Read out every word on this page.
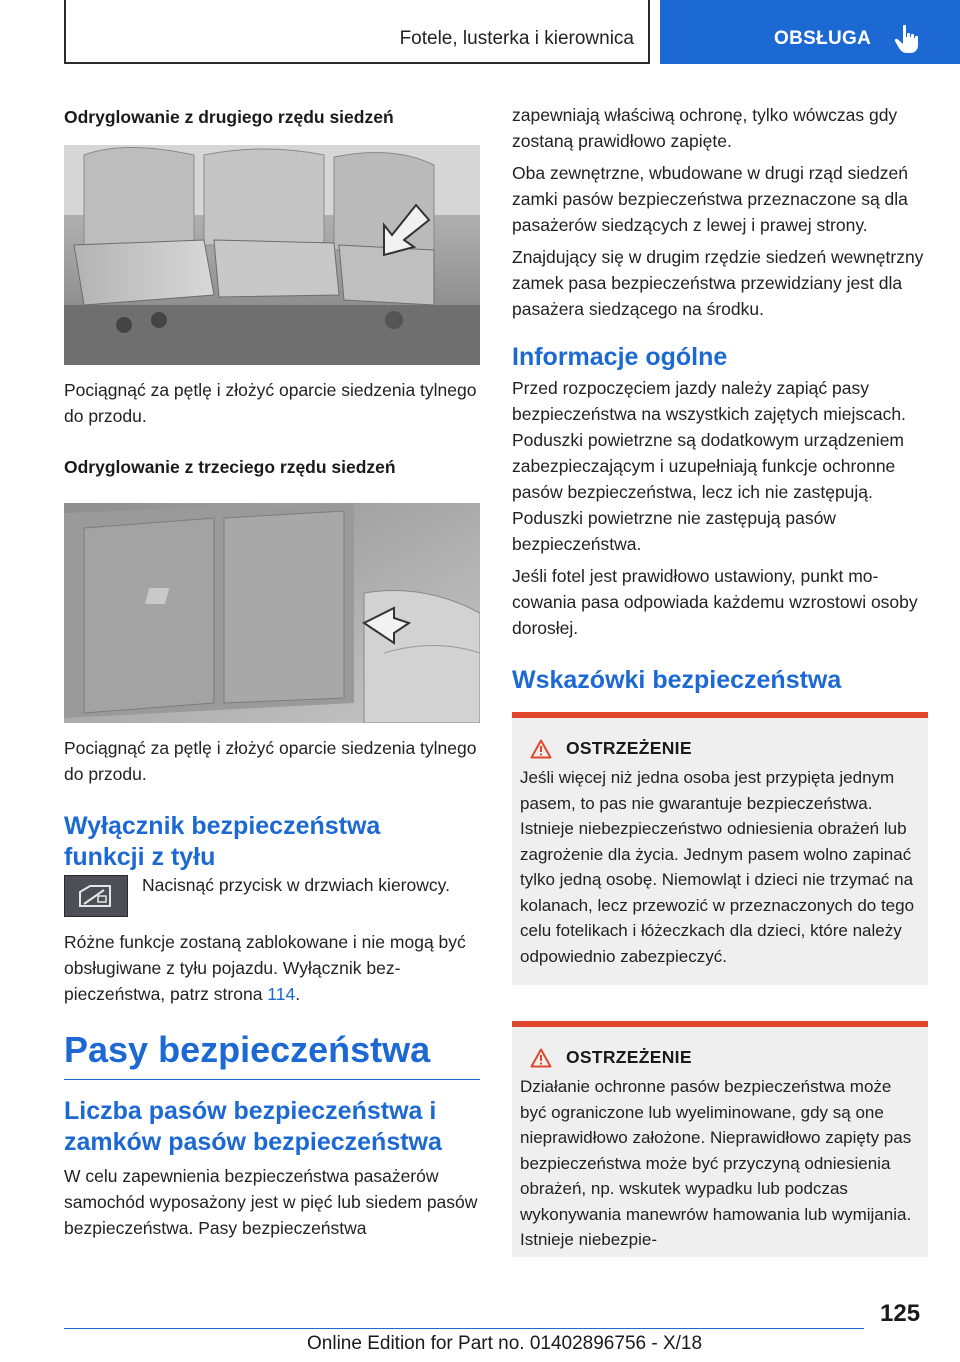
Fotele, lusterka i kierownica	OBSŁUGA
Odryglowanie z drugiego rzędu siedzeń

Pociągnąć za pętlę i złożyć oparcie siedzenia tylnego do przodu.

Odryglowanie z trzeciego rzędu siedzeń

Pociągnąć za pętlę i złożyć oparcie siedzenia tylnego do przodu.

Wyłącznik bezpieczeństwa funkcji z tyłu

Nacisnąć przycisk w drzwiach kierowcy.

Różne funkcje zostaną zablokowane i nie mogą być obsługiwane z tyłu pojazdu. Wyłącznik bezpieczeństwa, patrz strona 114.

Pasy bezpieczeństwa
Liczba pasów bezpieczeństwa i zamków pasów bezpieczeństwa

W celu zapewnienia bezpieczeństwa pasażerów samochód wyposażony jest w pięć lub siedem pasów bezpieczeństwa. Pasy bezpieczeństwa

zapewniają właściwą ochronę, tylko wówczas gdy zostaną prawidłowo zapięte.

Oba zewnętrzne, wbudowane w drugi rząd siedzeń zamki pasów bezpieczeństwa przeznaczone są dla pasażerów siedzących z lewej i prawej strony.

Znajdujący się w drugim rzędzie siedzeń wewnętrzny zamek pasa bezpieczeństwa przewidziany jest dla pasażera siedzącego na środku.

Informacje ogólne

Przed rozpoczęciem jazdy należy zapiąć pasy bezpieczeństwa na wszystkich zajętych miejscach. Poduszki powietrzne są dodatkowym urządzeniem zabezpieczającym i uzupełniają funkcje ochronne pasów bezpieczeństwa, lecz ich nie zastępują. Poduszki powietrzne nie zastępują pasów bezpieczeństwa.

Jeśli fotel jest prawidłowo ustawiony, punkt mocowania pasa odpowiada każdemu wzrostowi osoby dorosłej.

Wskazówki bezpieczeństwa
OSTRZEŻENIE

Jeśli więcej niż jedna osoba jest przypięta jednym pasem, to pas nie gwarantuje bezpieczeństwa. Istnieje niebezpieczeństwo odniesienia obrażeń lub zagrożenie dla życia. Jednym pasem wolno zapinać tylko jedną osobę. Niemowląt i dzieci nie trzymać na kolanach, lecz przewozić w przeznaczonych do tego celu fotelikach i łóżeczkach dla dzieci, które należy odpowiednio zabezpieczyć.

OSTRZEŻENIE

Działanie ochronne pasów bezpieczeństwa może być ograniczone lub wyeliminowane, gdy są one nieprawidłowo założone. Nieprawidłowo zapięty pas bezpieczeństwa może być przyczyną odniesienia obrażeń, np. wskutek wypadku lub podczas wykonywania manewrów hamowania lub wymijania. Istnieje niebezpie-

125
Online Edition for Part no. 01402896756 - X/18
